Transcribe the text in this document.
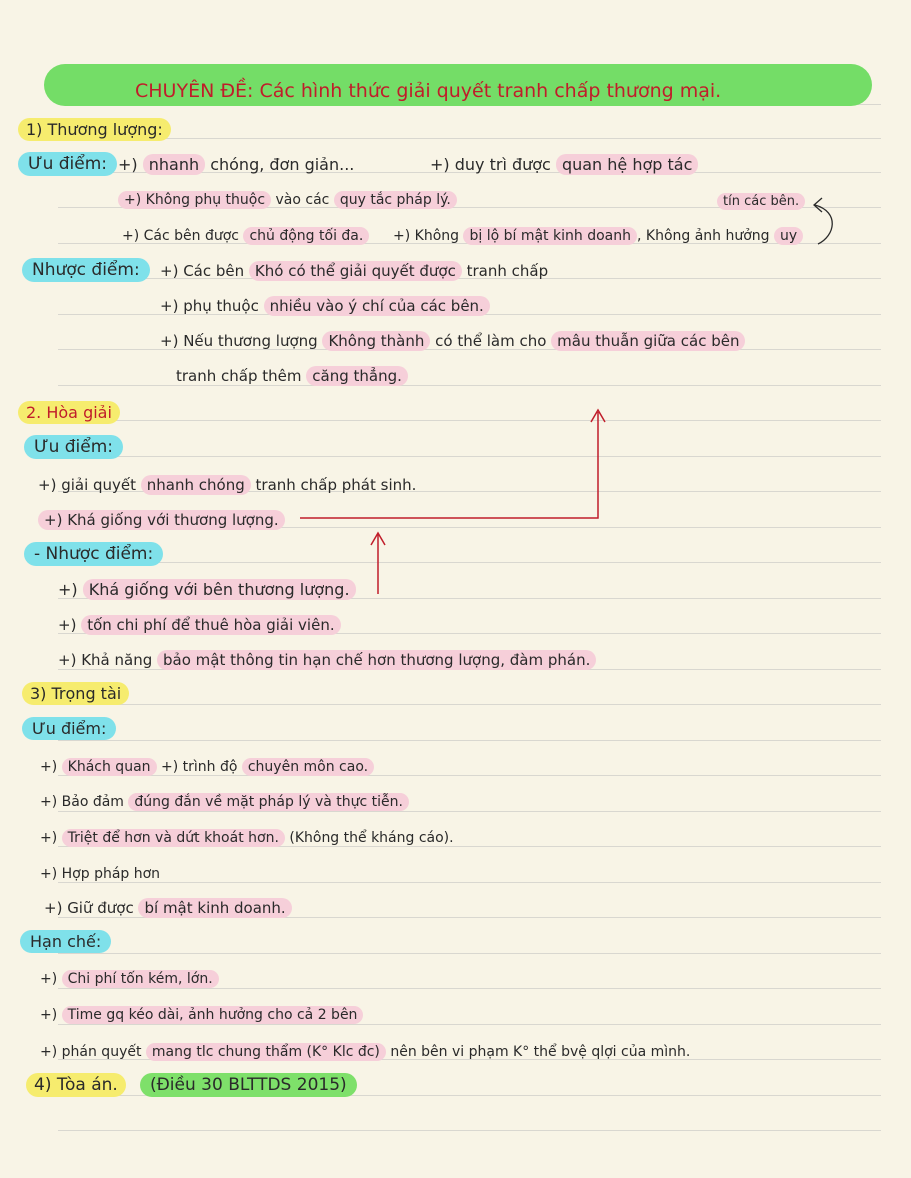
CHUYÊN ĐỀ: Các hình thức giải quyết tranh chấp thương mại.
1) Thương lượng:
Ưu điểm: +) nhanh chóng, đơn giản...	+) duy trì được quan hệ hợp tác
+) Không phụ thuộc vào các quy tắc pháp lý.	tín các bên.
+) Các bên được chủ động tối đa.	+) Không bị lộ bí mật kinh doanh , Không ảnh hưởng uy
Nhược điểm:	+) Các bên Khó có thể giải quyết được tranh chấp
+) phụ thuộc nhiều vào ý chí của các bên.
+) Nếu thương lượng Không thành có thể làm cho mâu thuẫn giữa các bên
tranh chấp thêm căng thẳng.
2. Hòa giải
Ưu điểm:
+) giải quyết nhanh chóng tranh chấp phát sinh.
+) Khá giống với thương lượng.
- Nhược điểm:
+) Khá giống với bên thương lượng.
+) tốn chi phí để thuê hòa giải viên.
+) Khả năng bảo mật thông tin hạn chế hơn thương lượng, đàm phán.
3) Trọng tài
Ưu điểm:
+) Khách quan +) trình độ chuyên môn cao.
+) Bảo đảm đúng đắn về mặt pháp lý và thực tiễn.
+) Triệt để hơn và dứt khoát hơn. (Không thể kháng cáo).
+) Hợp pháp hơn
+) Giữ được bí mật kinh doanh.
Hạn chế:
+) Chi phí tốn kém, lớn.
+) Time gq kéo dài, ảnh hưởng cho cả 2 bên
+) phán quyết mang tlc chung thẩm (K° Klc đc) nên bên vi phạm K° thể bvệ qlợi của mình.
4) Tòa án.	(Điều 30 BLTTDS 2015)
